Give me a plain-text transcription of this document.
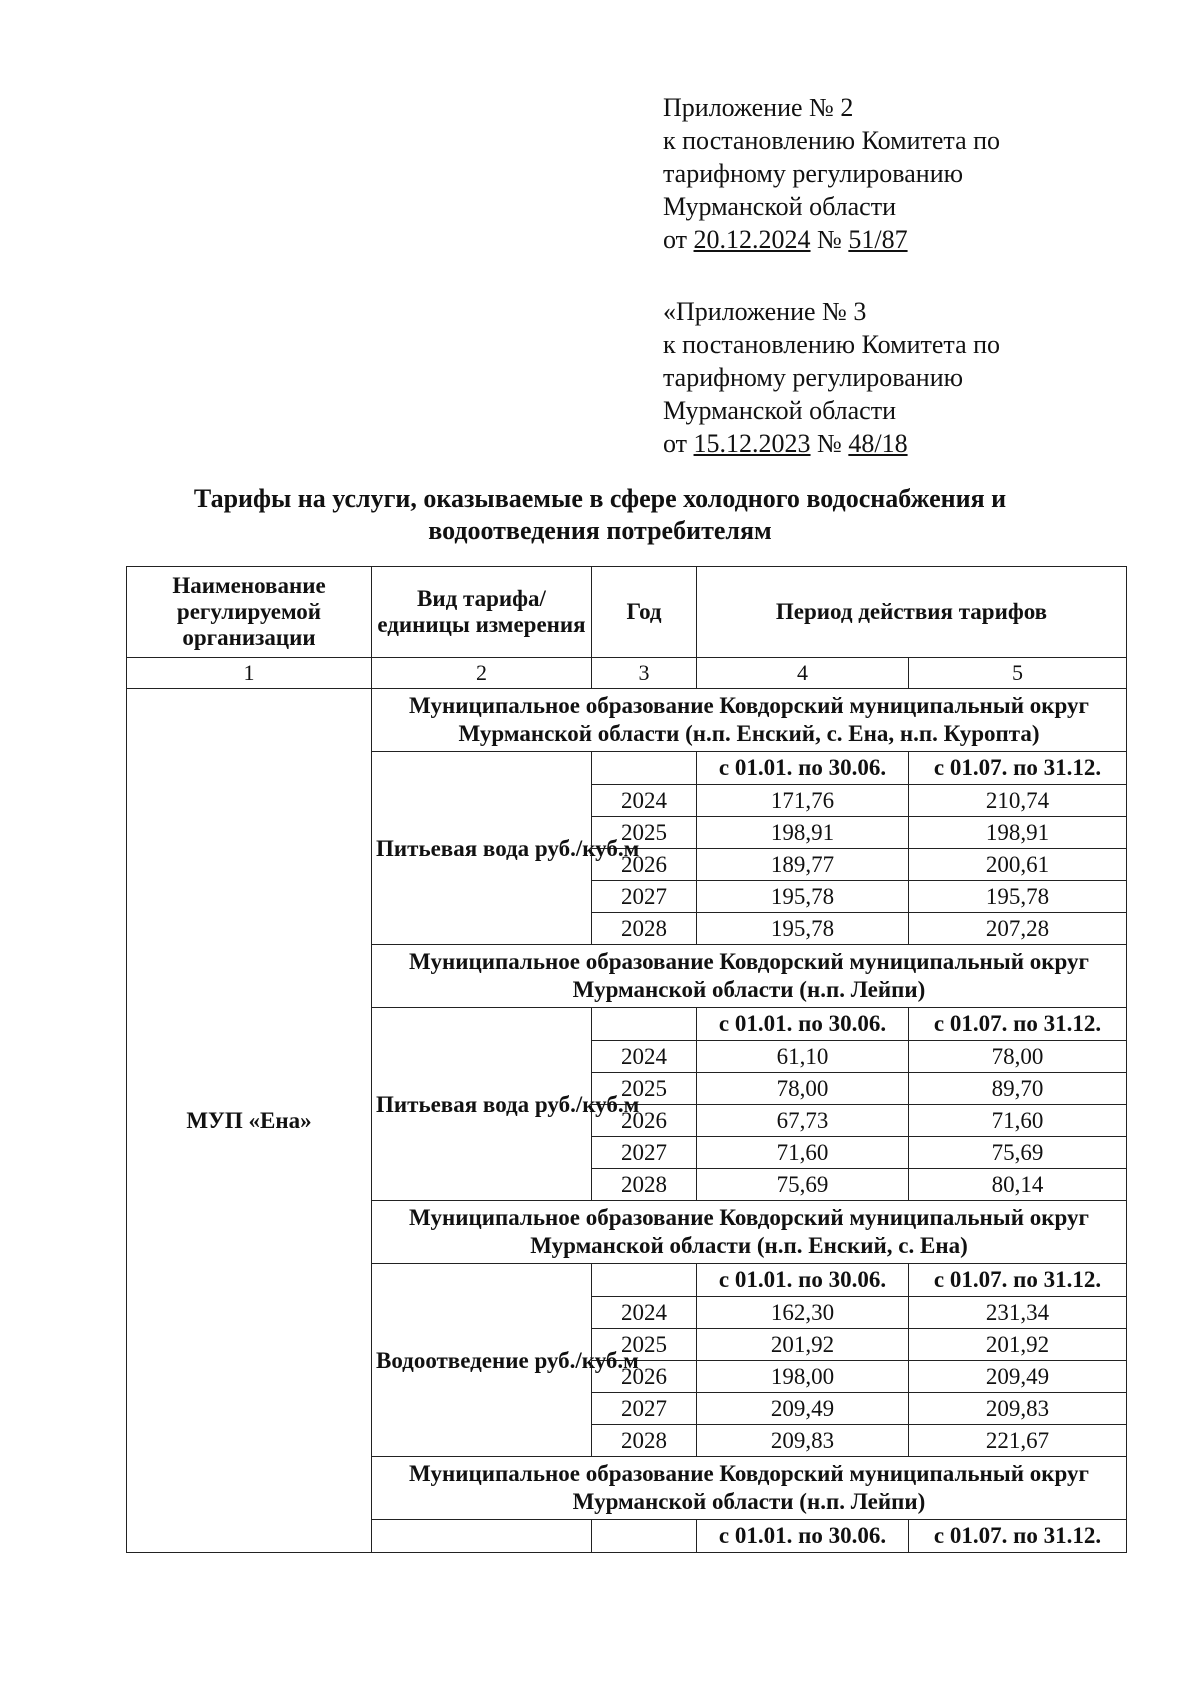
Приложение № 2
к постановлению Комитета по
тарифному регулированию
Мурманской области
от 20.12.2024 № 51/87
«Приложение № 3
к постановлению Комитета по
тарифному регулированию
Мурманской области
от 15.12.2023 № 48/18
Тарифы на услуги, оказываемые в сфере холодного водоснабжения и
водоотведения потребителям
Наименование регулируемой организации	Вид тарифа/единицы измерения	Год	Период действия тарифов	
1	2	3	4	5
МУП «Ена»	Муниципальное образование Ковдорский муниципальный округ Мурманской области (н.п. Енский, с. Ена, н.п. Куропта)			
	Питьевая вода руб./куб.м		с 01.01. по 30.06.	с 01.07. по 31.12.
		2024	171,76	210,74
		2025	198,91	198,91
		2026	189,77	200,61
		2027	195,78	195,78
		2028	195,78	207,28
	Муниципальное образование Ковдорский муниципальный округ Мурманской области (н.п. Лейпи)			
	Питьевая вода руб./куб.м		с 01.01. по 30.06.	с 01.07. по 31.12.
		2024	61,10	78,00
		2025	78,00	89,70
		2026	67,73	71,60
		2027	71,60	75,69
		2028	75,69	80,14
	Муниципальное образование Ковдорский муниципальный округ Мурманской области (н.п. Енский, с. Ена)			
	Водоотведение руб./куб.м		с 01.01. по 30.06.	с 01.07. по 31.12.
		2024	162,30	231,34
		2025	201,92	201,92
		2026	198,00	209,49
		2027	209,49	209,83
		2028	209,83	221,67
	Муниципальное образование Ковдорский муниципальный округ Мурманской области (н.п. Лейпи)			
			с 01.01. по 30.06.	с 01.07. по 31.12.
